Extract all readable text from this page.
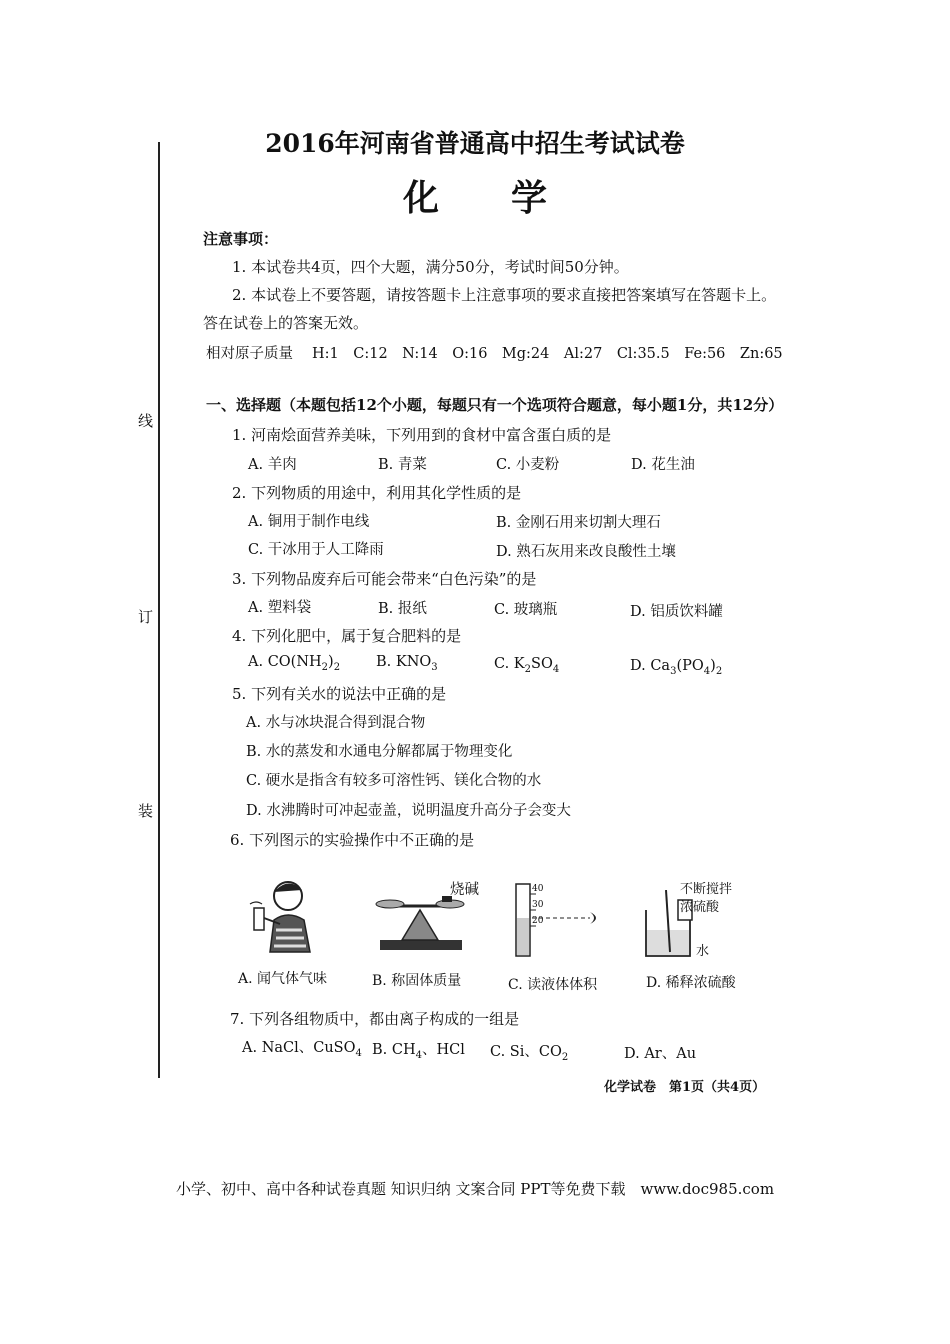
线
订
装
2016年河南省普通高中招生考试试卷
化　　学
注意事项：
1. 本试卷共4页，四个大题，满分50分，考试时间50分钟。
2. 本试卷上不要答题，请按答题卡上注意事项的要求直接把答案填写在答题卡上。
答在试卷上的答案无效。
相对原子质量 H:1　C:12　N:14　O:16　Mg:24　Al:27　Cl:35.5　Fe:56　Zn:65
一、选择题（本题包括12个小题，每题只有一个选项符合题意，每小题1分，共12分）
1. 河南烩面营养美味，下列用到的食材中富含蛋白质的是
A. 羊肉	B. 青菜	C. 小麦粉	D. 花生油
2. 下列物质的用途中，利用其化学性质的是
A. 铜用于制作电线	B. 金刚石用来切割大理石
C. 干冰用于人工降雨	D. 熟石灰用来改良酸性土壤
3. 下列物品废弃后可能会带来“白色污染”的是
A. 塑料袋	B. 报纸	C. 玻璃瓶	D. 铝质饮料罐
4. 下列化肥中，属于复合肥料的是
A. $CO(NH_2)_2$ B. $KNO_3$	C. $K_2SO_4$	D. $Ca_3(PO_4)_2$
5. 下列有关水的说法中正确的是
A. 水与冰块混合得到混合物
B. 水的蒸发和水通电分解都属于物理变化
C. 硬水是指含有较多可溶性钙、镁化合物的水
D. 水沸腾时可冲起壶盖，说明温度升高分子会变大
6. 下列图示的实验操作中不正确的是
烧碱	40
30
20
不断搅拌
浓硫酸
水
A. 闻气体气味	B. 称固体质量	C. 读液体体积	D. 稀释浓硫酸
7. 下列各组物质中，都由离子构成的一组是
A. NaCl、CuSO$_4$ B. $CH_4$、HCl C. Si、$CO_2$	D. Ar、Au
化学试卷　第1页（共4页）
小学、初中、高中各种试卷真题 知识归纳 文案合同 PPT等免费下载　www.doc985.com
